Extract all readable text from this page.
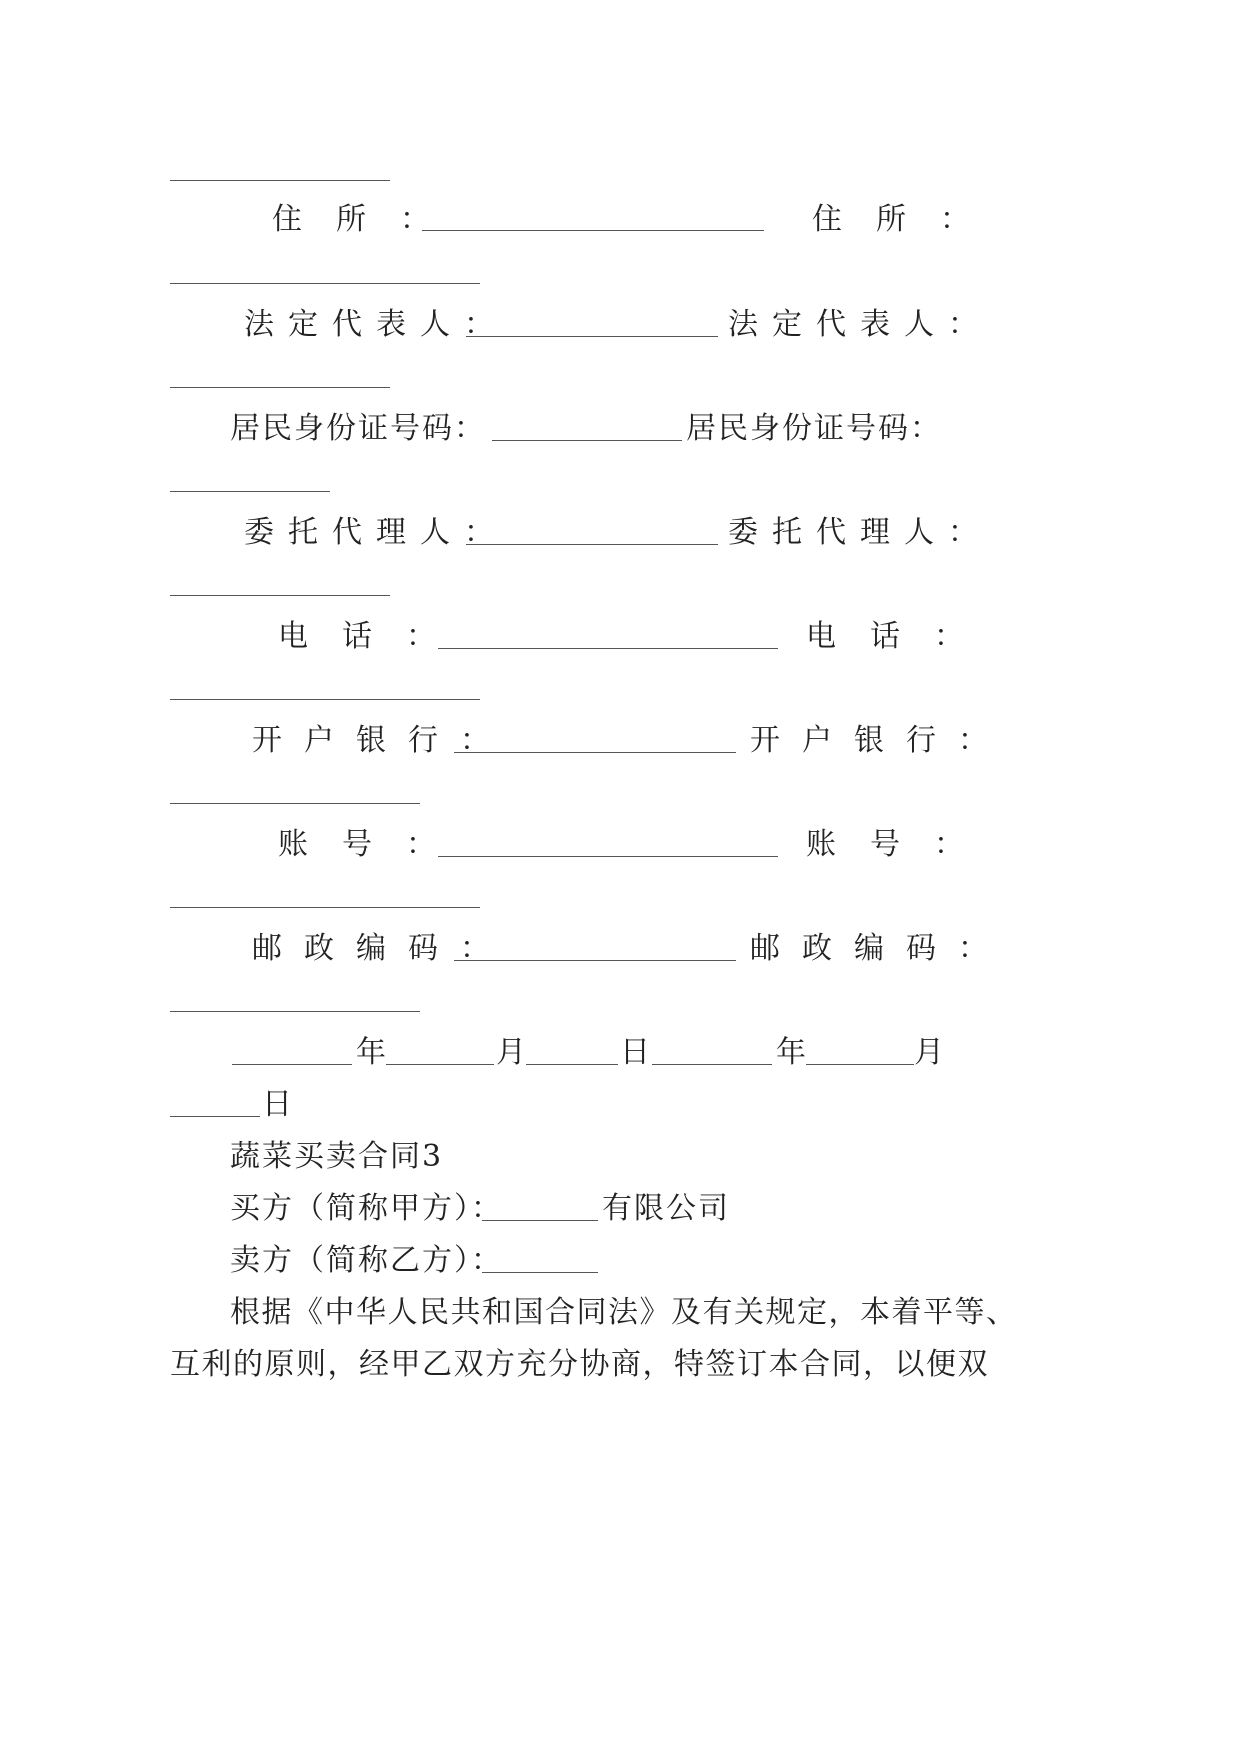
住所：	住所：
法定代表人：	法定代表人：
居民身份证号码：	居民身份证号码：
委托代理人：	委托代理人：
电话：	电话：
开户银行：	开户银行：
账号：	账号：
邮政编码：	邮政编码：
年	月	日	年	月
日
蔬菜买卖合同3
买方（简称甲方）：	有限公司
卖方（简称乙方）：
根据《中华人民共和国合同法》及有关规定，本着平等、
互利的原则，经甲乙双方充分协商，特签订本合同，以便双
